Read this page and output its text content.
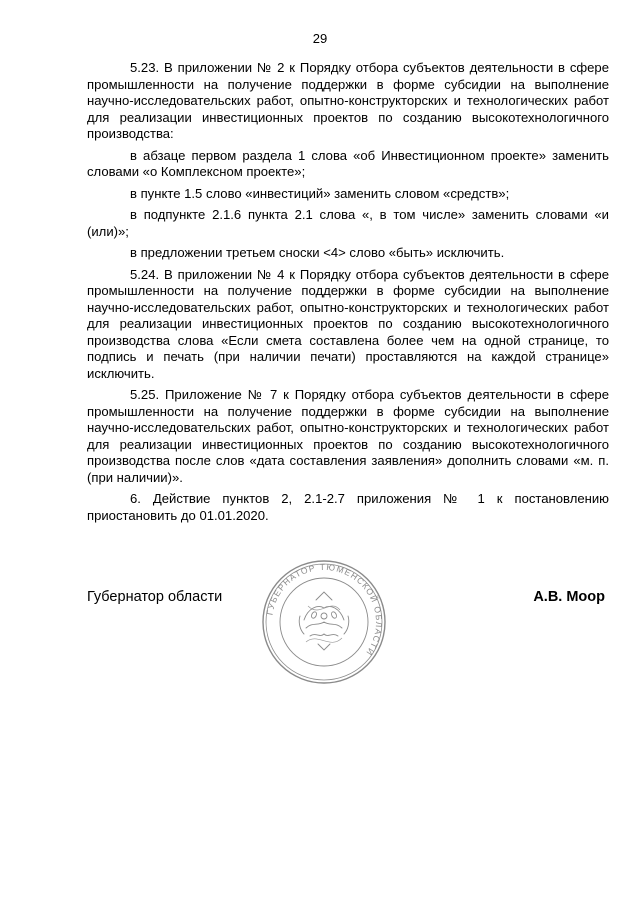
29

5.23. В приложении № 2 к Порядку отбора субъектов деятельности в сфере промышленности на получение поддержки в форме субсидии на выполнение научно-исследовательских работ, опытно-конструкторских и технологических работ для реализации инвестиционных проектов по созданию высокотехнологичного производства:

в абзаце первом раздела 1 слова «об Инвестиционном проекте» заменить словами «о Комплексном проекте»;

в пункте 1.5 слово «инвестиций» заменить словом «средств»;

в подпункте 2.1.6 пункта 2.1 слова «, в том числе» заменить словами «и (или)»;

в предложении третьем сноски <4> слово «быть» исключить.

5.24. В приложении № 4 к Порядку отбора субъектов деятельности в сфере промышленности на получение поддержки в форме субсидии на выполнение научно-исследовательских работ, опытно-конструкторских и технологических работ для реализации инвестиционных проектов по созданию высокотехнологичного производства слова «Если смета составлена более чем на одной странице, то подпись и печать (при наличии печати) проставляются на каждой странице» исключить.

5.25. Приложение № 7 к Порядку отбора субъектов деятельности в сфере промышленности на получение поддержки в форме субсидии на выполнение научно-исследовательских работ, опытно-конструкторских и технологических работ для реализации инвестиционных проектов по созданию высокотехнологичного производства после слов «дата составления заявления» дополнить словами «м. п. (при наличии)».

6. Действие пунктов 2, 2.1-2.7 приложения № 1 к постановлению приостановить до 01.01.2020.

Губернатор области	А.В. Моор
ГУБЕРНАТОР ТЮМЕНСКОЙ ОБЛАСТИ
